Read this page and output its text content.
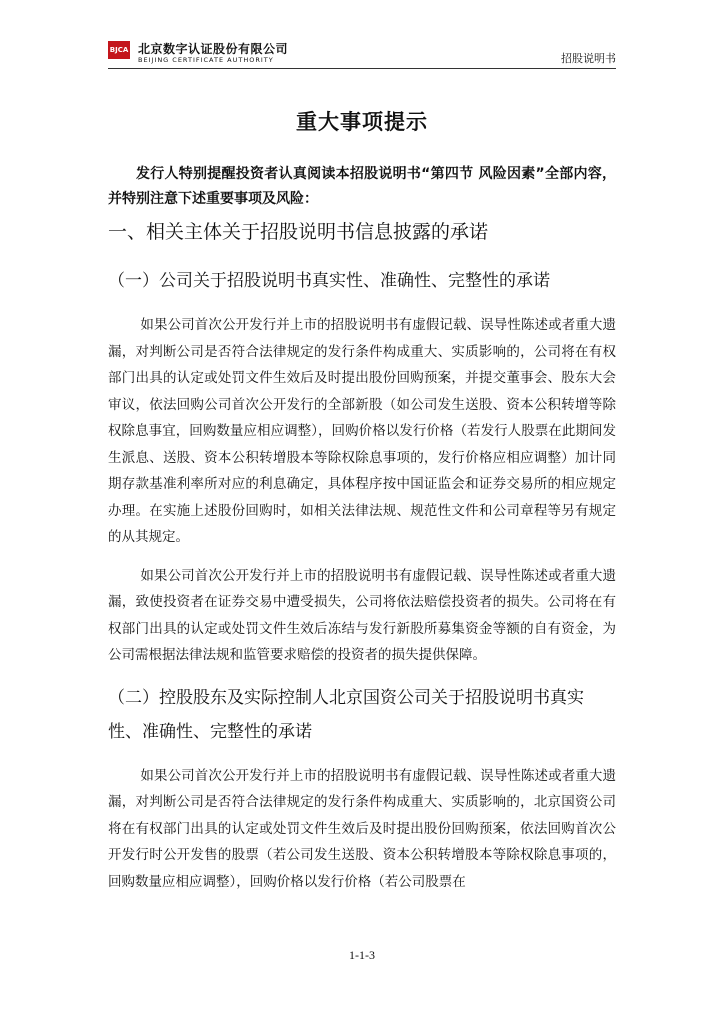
BJCA 北京数字认证股份有限公司
BEIJING CERTIFICATE AUTHORITY	招股说明书
重大事项提示

发行人特别提醒投资者认真阅读本招股说明书“第四节 风险因素”全部内容，并特别注意下述重要事项及风险：

一、相关主体关于招股说明书信息披露的承诺
（一）公司关于招股说明书真实性、准确性、完整性的承诺

如果公司首次公开发行并上市的招股说明书有虚假记载、误导性陈述或者重大遗漏，对判断公司是否符合法律规定的发行条件构成重大、实质影响的，公司将在有权部门出具的认定或处罚文件生效后及时提出股份回购预案，并提交董事会、股东大会审议，依法回购公司首次公开发行的全部新股（如公司发生送股、资本公积转增等除权除息事宜，回购数量应相应调整），回购价格以发行价格（若发行人股票在此期间发生派息、送股、资本公积转增股本等除权除息事项的，发行价格应相应调整）加计同期存款基准利率所对应的利息确定，具体程序按中国证监会和证券交易所的相应规定办理。在实施上述股份回购时，如相关法律法规、规范性文件和公司章程等另有规定的从其规定。

如果公司首次公开发行并上市的招股说明书有虚假记载、误导性陈述或者重大遗漏，致使投资者在证券交易中遭受损失，公司将依法赔偿投资者的损失。公司将在有权部门出具的认定或处罚文件生效后冻结与发行新股所募集资金等额的自有资金，为公司需根据法律法规和监管要求赔偿的投资者的损失提供保障。

（二）控股股东及实际控制人北京国资公司关于招股说明书真实性、准确性、完整性的承诺

如果公司首次公开发行并上市的招股说明书有虚假记载、误导性陈述或者重大遗漏，对判断公司是否符合法律规定的发行条件构成重大、实质影响的，北京国资公司将在有权部门出具的认定或处罚文件生效后及时提出股份回购预案，依法回购首次公开发行时公开发售的股票（若公司发生送股、资本公积转增股本等除权除息事项的，回购数量应相应调整），回购价格以发行价格（若公司股票在

1-1-3
